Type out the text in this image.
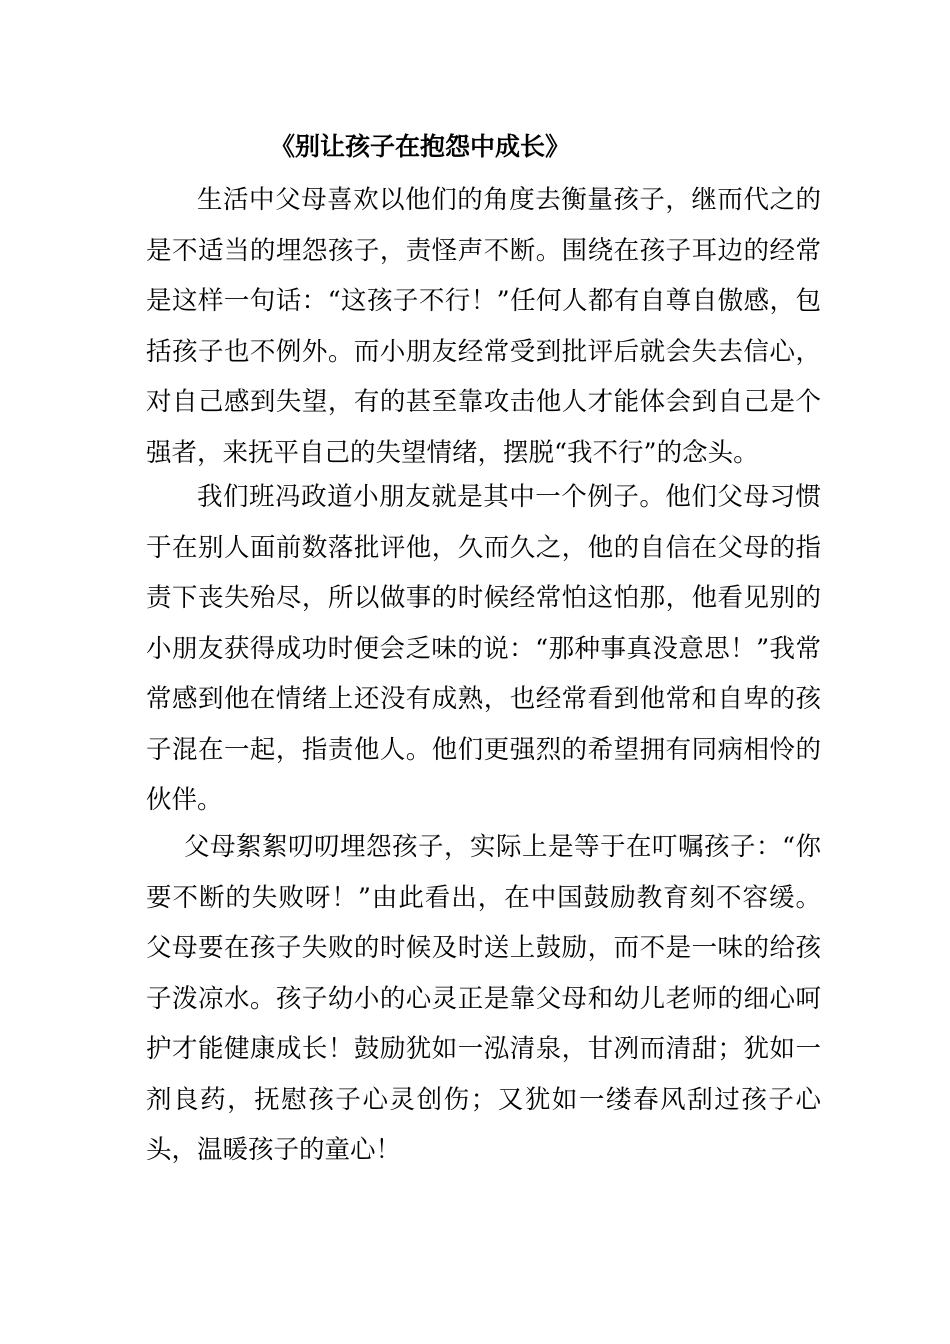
《别让孩子在抱怨中成长》

生活中父母喜欢以他们的角度去衡量孩子，继而代之的是不适当的埋怨孩子，责怪声不断。围绕在孩子耳边的经常是这样一句话：“这孩子不行！”任何人都有自尊自傲感，包括孩子也不例外。而小朋友经常受到批评后就会失去信心，对自己感到失望，有的甚至靠攻击他人才能体会到自己是个强者，来抚平自己的失望情绪，摆脱“我不行”的念头。

我们班冯政道小朋友就是其中一个例子。他们父母习惯于在别人面前数落批评他，久而久之，他的自信在父母的指责下丧失殆尽，所以做事的时候经常怕这怕那，他看见别的小朋友获得成功时便会乏味的说：“那种事真没意思！”我常常感到他在情绪上还没有成熟，也经常看到他常和自卑的孩子混在一起，指责他人。他们更强烈的希望拥有同病相怜的伙伴。

父母絮絮叨叨埋怨孩子，实际上是等于在叮嘱孩子：“你要不断的失败呀！”由此看出，在中国鼓励教育刻不容缓。父母要在孩子失败的时候及时送上鼓励，而不是一味的给孩子泼凉水。孩子幼小的心灵正是靠父母和幼儿老师的细心呵护才能健康成长！鼓励犹如一泓清泉，甘冽而清甜；犹如一剂良药，抚慰孩子心灵创伤；又犹如一缕春风刮过孩子心头，温暖孩子的童心！
